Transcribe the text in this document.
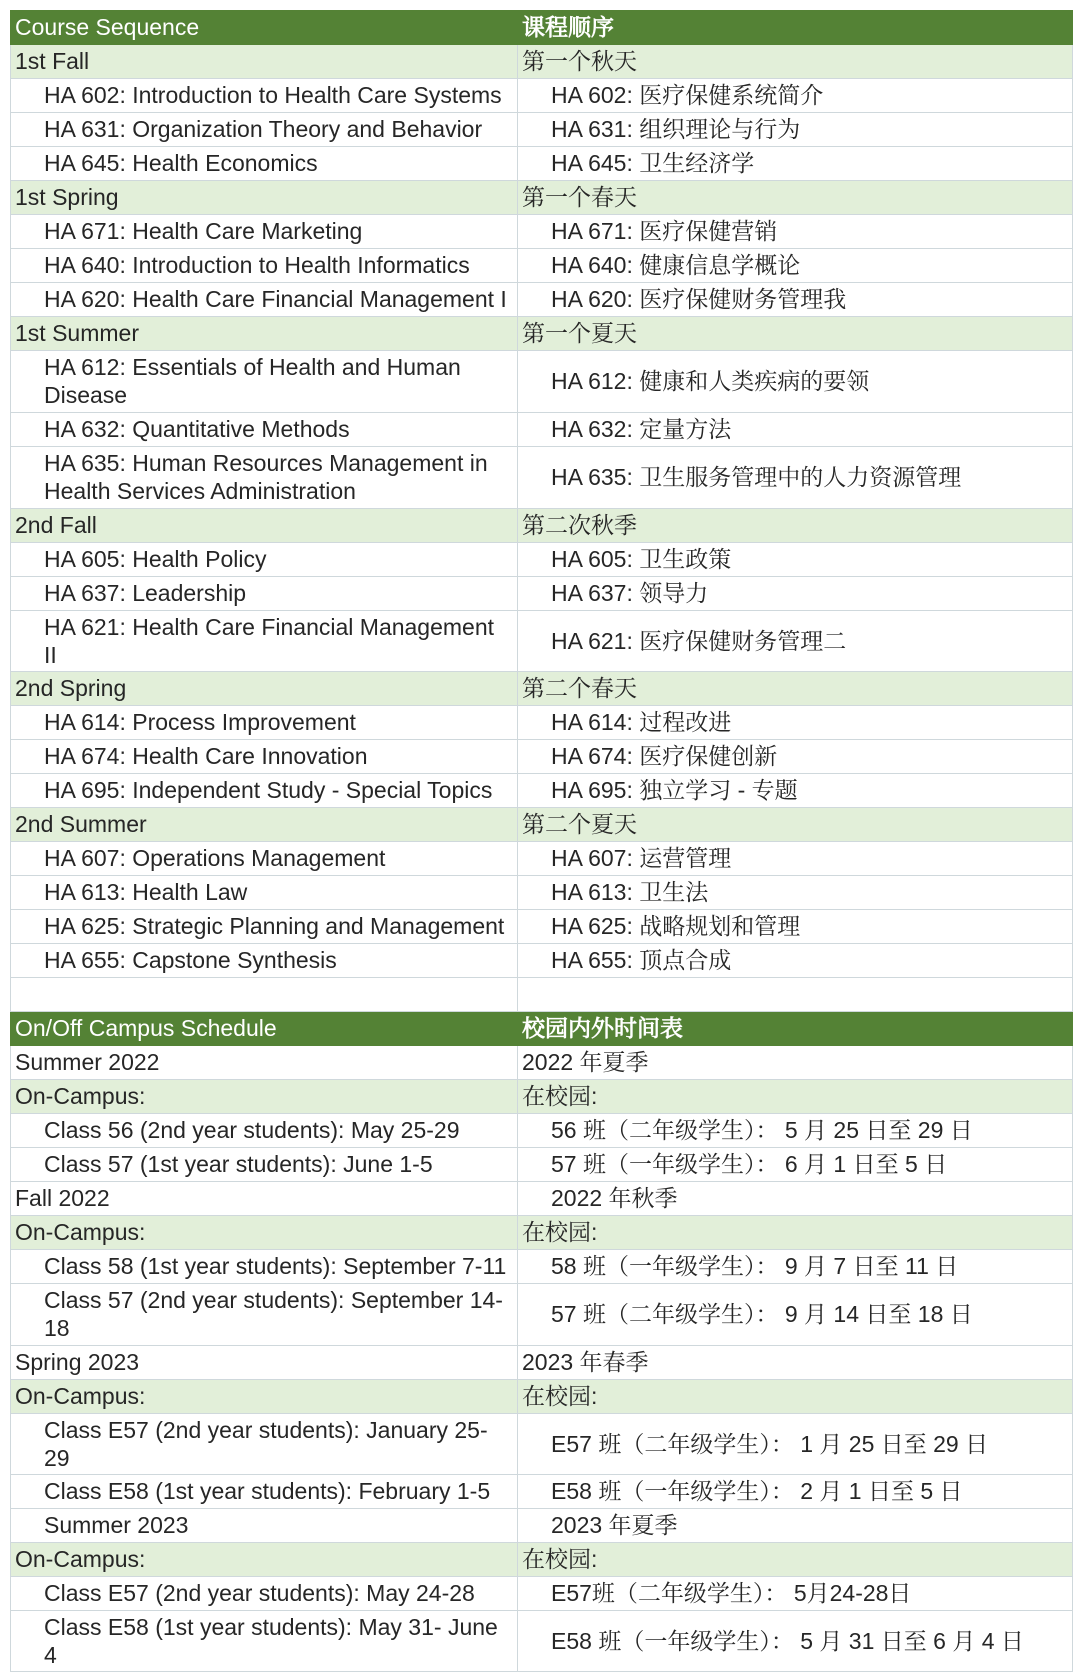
Course Sequence	课程顺序
1st Fall	第一个秋天
HA 602: Introduction to Health Care Systems	HA 602: 医疗保健系统简介
HA 631: Organization Theory and Behavior	HA 631: 组织理论与行为
HA 645: Health Economics	HA 645: 卫生经济学
1st Spring	第一个春天
HA 671: Health Care Marketing	HA 671: 医疗保健营销
HA 640: Introduction to Health Informatics	HA 640: 健康信息学概论
HA 620: Health Care Financial Management I	HA 620: 医疗保健财务管理我
1st Summer	第一个夏天
HA 612: Essentials of Health and Human Disease	HA 612: 健康和人类疾病的要领
HA 632: Quantitative Methods	HA 632: 定量方法
HA 635: Human Resources Management in Health Services Administration	HA 635: 卫生服务管理中的人力资源管理
2nd Fall	第二次秋季
HA 605: Health Policy	HA 605: 卫生政策
HA 637: Leadership	HA 637: 领导力
HA 621: Health Care Financial Management II	HA 621: 医疗保健财务管理二
2nd Spring	第二个春天
HA 614: Process Improvement	HA 614: 过程改进
HA 674: Health Care Innovation	HA 674: 医疗保健创新
HA 695: Independent Study - Special Topics	HA 695: 独立学习 - 专题
2nd Summer	第二个夏天
HA 607: Operations Management	HA 607: 运营管理
HA 613: Health Law	HA 613: 卫生法
HA 625: Strategic Planning and Management	HA 625: 战略规划和管理
HA 655: Capstone Synthesis	HA 655: 顶点合成

On/Off Campus Schedule	校园内外时间表
Summer 2022	2022 年夏季
On-Campus:	在校园:
Class 56 (2nd year students): May 25-29	56 班（二年级学生）： 5 月 25 日至 29 日
Class 57 (1st year students): June 1-5	57 班（一年级学生）： 6 月 1 日至 5 日
Fall 2022	2022 年秋季
On-Campus:	在校园:
Class 58 (1st year students): September 7-11	58 班（一年级学生）： 9 月 7 日至 11 日
Class 57 (2nd year students): September 14-18	57 班（二年级学生）： 9 月 14 日至 18 日
Spring 2023	2023 年春季
On-Campus:	在校园:
Class E57 (2nd year students): January 25-29	E57 班（二年级学生）： 1 月 25 日至 29 日
Class E58 (1st year students): February 1-5	E58 班（一年级学生）： 2 月 1 日至 5 日
Summer 2023	2023 年夏季
On-Campus:	在校园:
Class E57 (2nd year students): May 24-28	E57班（二年级学生）： 5月24-28日
Class E58 (1st year students): May 31- June 4	E58 班（一年级学生）： 5 月 31 日至 6 月 4 日
